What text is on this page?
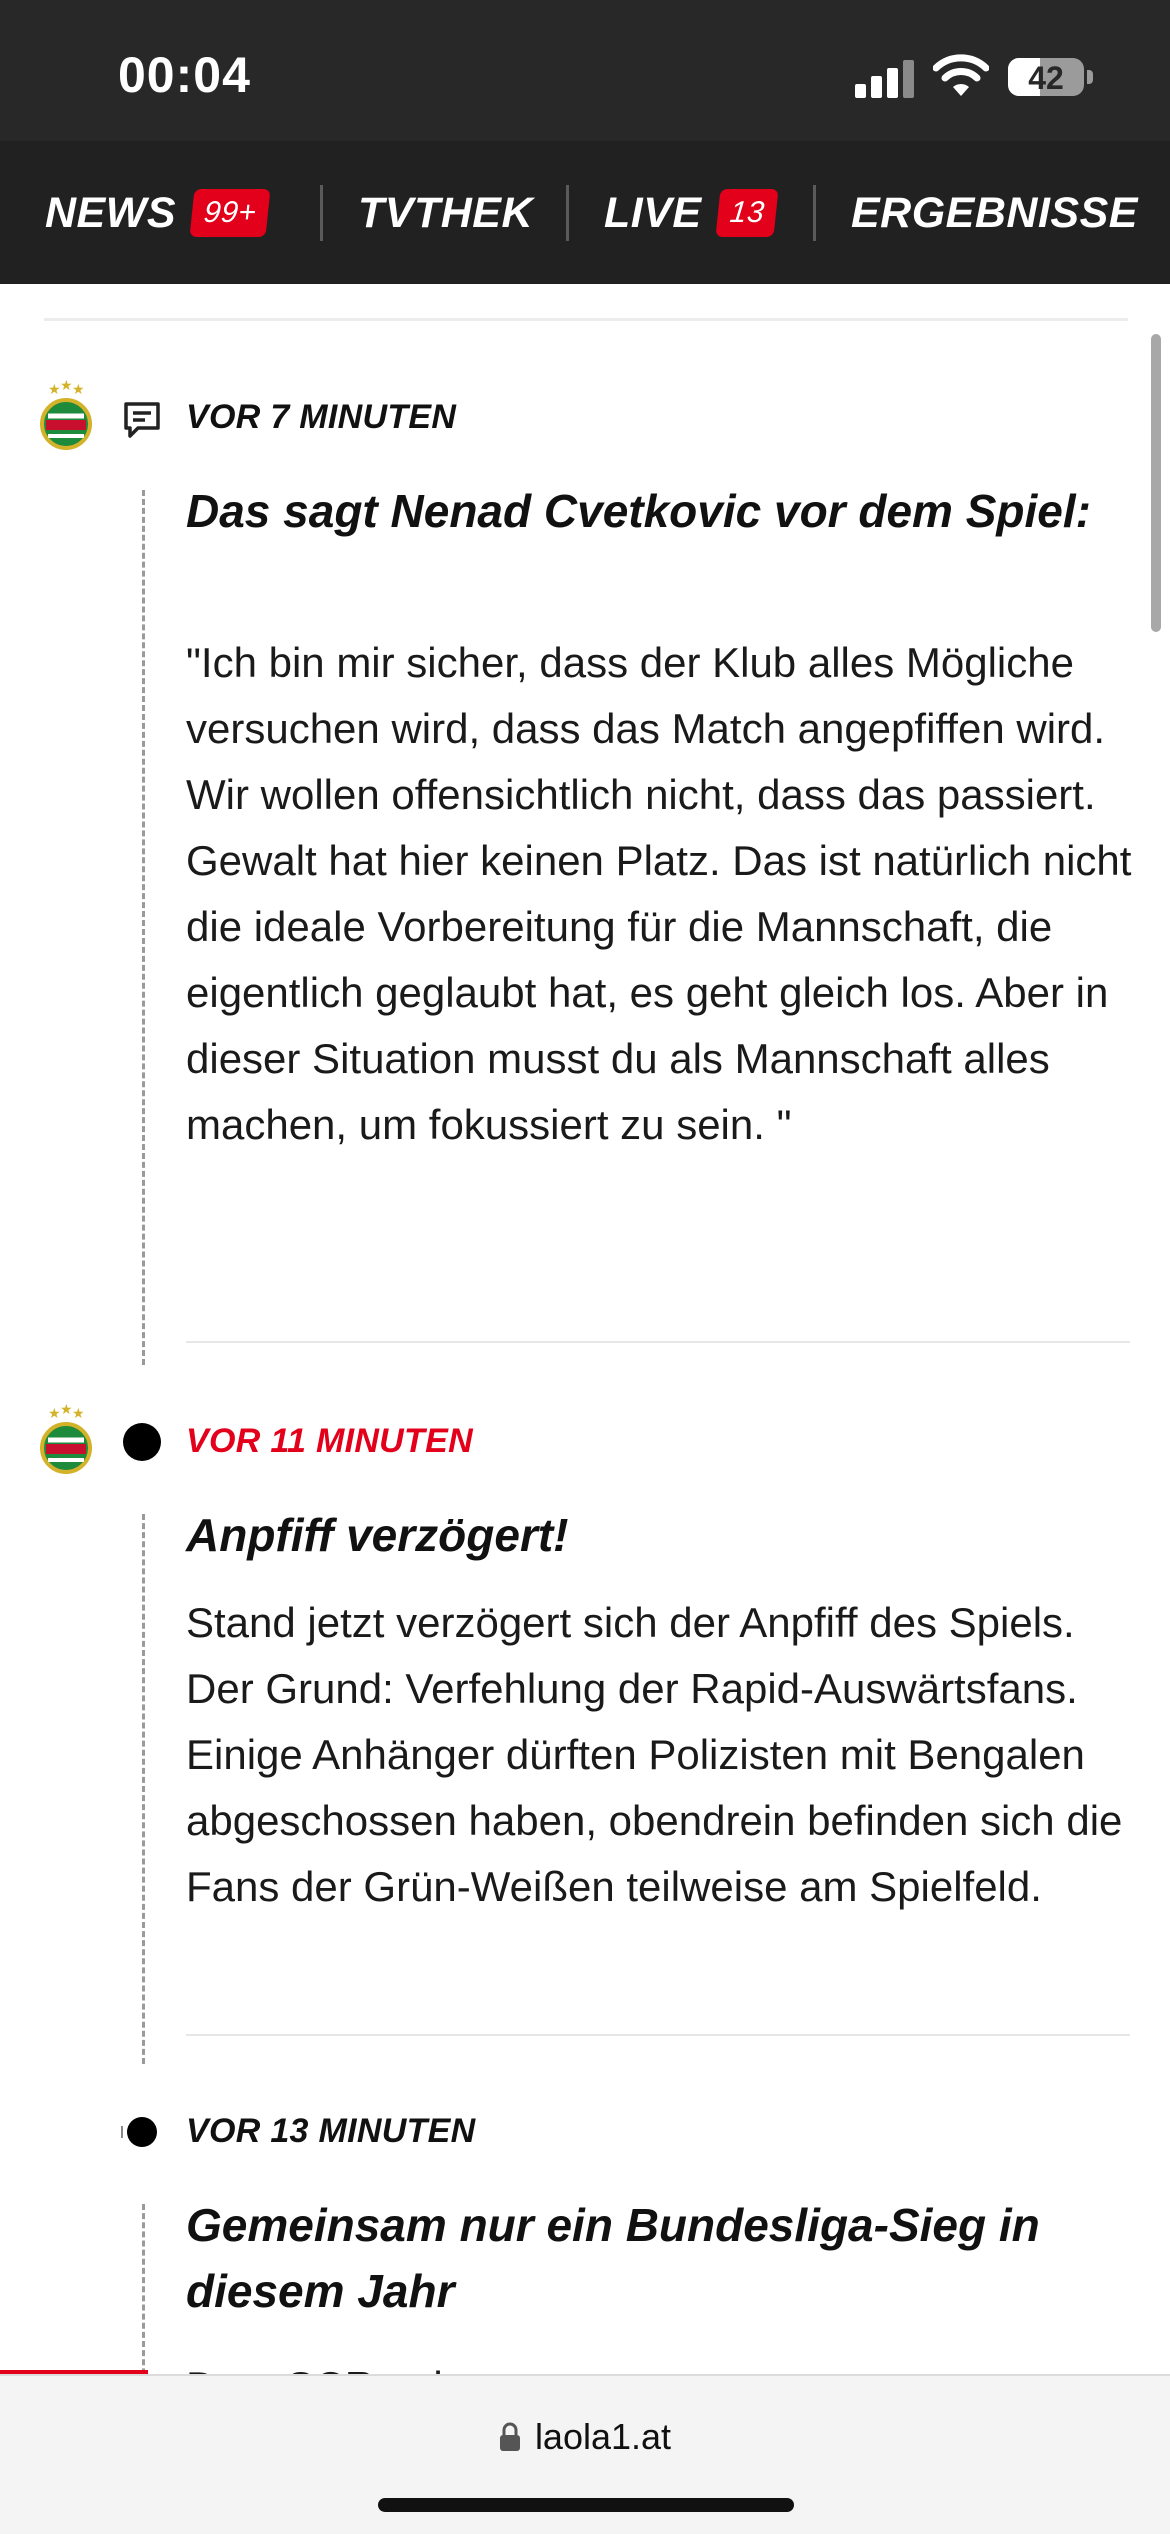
00:04	42
NEWS 99+ TVTHEK LIVE 13 ERGEBNISSE
★ ★ ★
VOR 7 MINUTEN
Das sagt Nenad Cvetkovic vor dem Spiel:
"Ich bin mir sicher, dass der Klub alles Mögliche versuchen wird, dass das Match angepfiffen wird. Wir wollen offensichtlich nicht, dass das passiert. Gewalt hat hier keinen Platz. Das ist natürlich nicht die ideale Vorbereitung für die Mannschaft, die eigentlich geglaubt hat, es geht gleich los. Aber in dieser Situation musst du als Mannschaft alles machen, um fokussiert zu sein. "
★ ★ ★
VOR 11 MINUTEN
Anpfiff verzögert!
Stand jetzt verzögert sich der Anpfiff des Spiels. Der Grund: Verfehlung der Rapid-Auswärtsfans. Einige Anhänger dürften Polizisten mit Bengalen abgeschossen haben, obendrein befinden sich die Fans der Grün-Weißen teilweise am Spielfeld.
VOR 13 MINUTEN
Gemeinsam nur ein Bundesliga-Sieg in diesem Jahr
laola1.at
